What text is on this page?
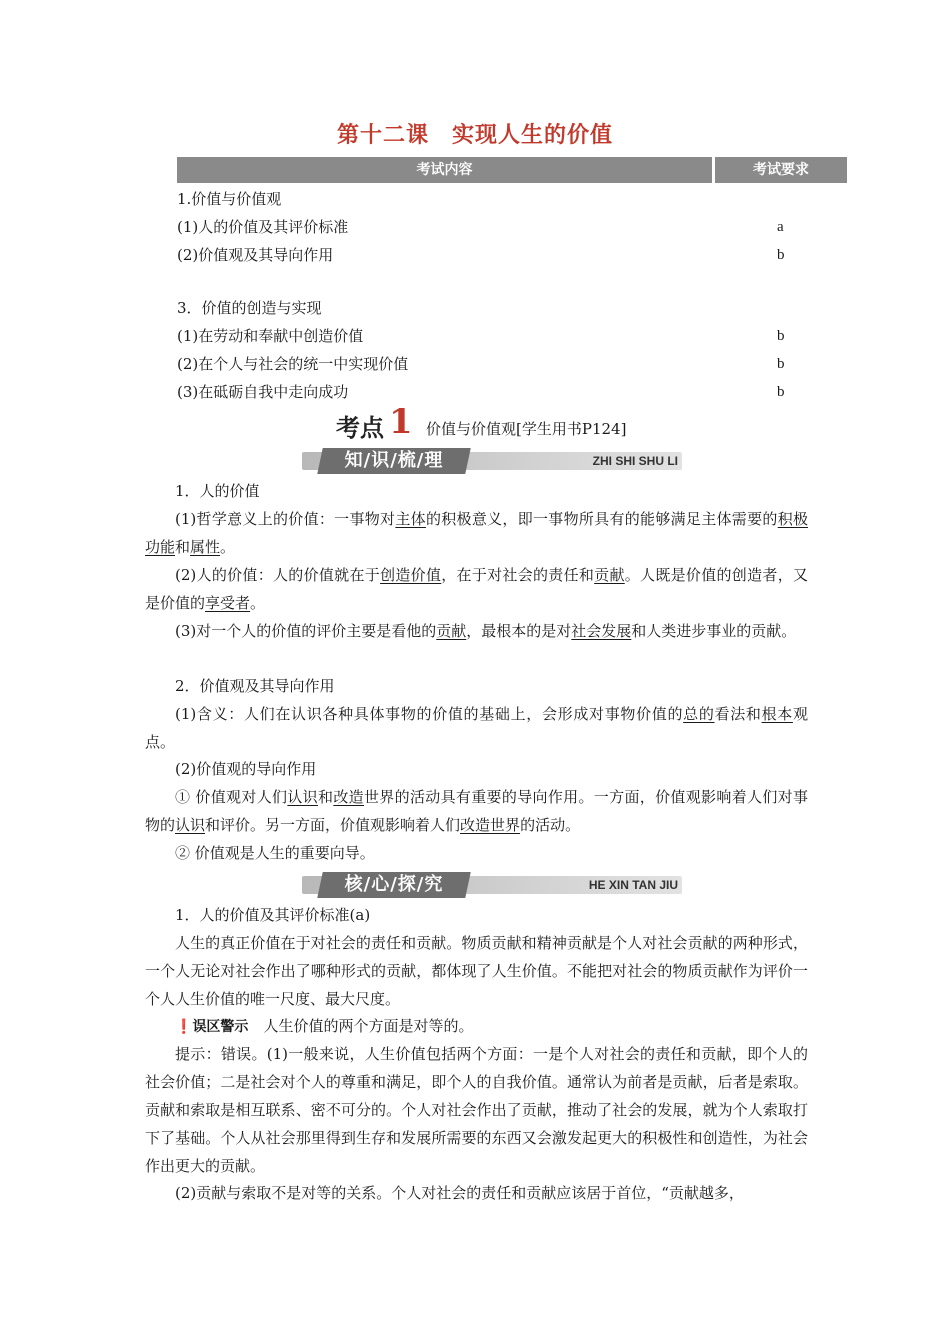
第十二课　实现人生的价值
考试内容	考试要求
1.价值与价值观
(1)人的价值及其评价标准	a
(2)价值观及其导向作用	b
3．价值的创造与实现
(1)在劳动和奉献中创造价值	b
(2)在个人与社会的统一中实现价值	b
(3)在砥砺自我中走向成功	b
考点 1 价值与价值观[学生用书P124]
知/识/梳/理	ZHI SHI SHU LI
1．人的价值
(1)哲学意义上的价值：一事物对主体的积极意义，即一事物所具有的能够满足主体需要的积极功能和属性。
(2)人的价值：人的价值就在于创造价值，在于对社会的责任和贡献。人既是价值的创造者，又是价值的享受者。
(3)对一个人的价值的评价主要是看他的贡献，最根本的是对社会发展和人类进步事业的贡献。
2．价值观及其导向作用
(1)含义：人们在认识各种具体事物的价值的基础上，会形成对事物价值的总的看法和根本观点。
(2)价值观的导向作用
① 价值观对人们认识和改造世界的活动具有重要的导向作用。一方面，价值观影响着人们对事物的认识和评价。另一方面，价值观影响着人们改造世界的活动。
② 价值观是人生的重要向导。
核/心/探/究	HE XIN TAN JIU
1．人的价值及其评价标准(a)
人生的真正价值在于对社会的责任和贡献。物质贡献和精神贡献是个人对社会贡献的两种形式，一个人无论对社会作出了哪种形式的贡献，都体现了人生价值。不能把对社会的物质贡献作为评价一个人人生价值的唯一尺度、最大尺度。
❗误区警示　 人生价值的两个方面是对等的。
提示：错误。(1)一般来说，人生价值包括两个方面：一是个人对社会的责任和贡献，即个人的社会价值；二是社会对个人的尊重和满足，即个人的自我价值。通常认为前者是贡献，后者是索取。贡献和索取是相互联系、密不可分的。个人对社会作出了贡献，推动了社会的发展，就为个人索取打下了基础。个人从社会那里得到生存和发展所需要的东西又会激发起更大的积极性和创造性，为社会作出更大的贡献。
(2)贡献与索取不是对等的关系。个人对社会的责任和贡献应该居于首位，“贡献越多，
